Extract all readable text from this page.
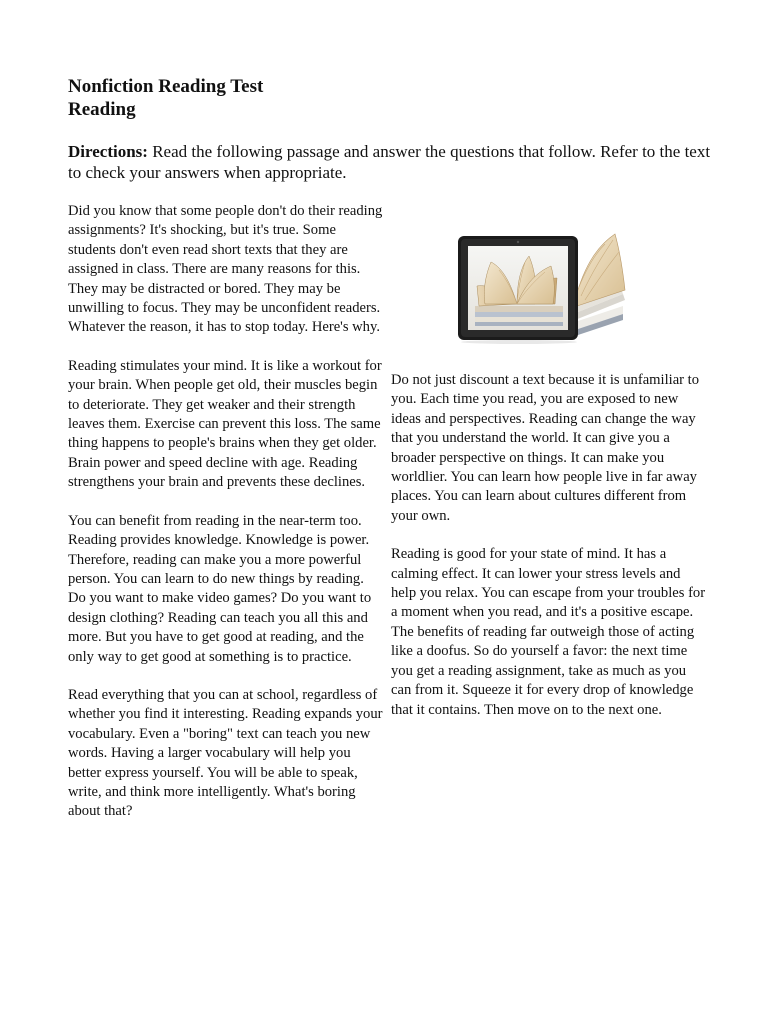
Nonfiction Reading Test
Reading

Directions: Read the following passage and answer the questions that follow. Refer to the text to check your answers when appropriate.

Did you know that some people don't do their reading assignments? It's shocking, but it's true. Some students don't even read short texts that they are assigned in class. There are many reasons for this. They may be distracted or bored. They may be unwilling to focus. They may be unconfident readers. Whatever the reason, it has to stop today. Here's why.

Reading stimulates your mind. It is like a workout for your brain. When people get old, their muscles begin to deteriorate. They get weaker and their strength leaves them. Exercise can prevent this loss. The same thing happens to people's brains when they get older. Brain power and speed decline with age. Reading strengthens your brain and prevents these declines.

You can benefit from reading in the near-term too. Reading provides knowledge. Knowledge is power. Therefore, reading can make you a more powerful person. You can learn to do new things by reading. Do you want to make video games? Do you want to design clothing? Reading can teach you all this and more. But you have to get good at reading, and the only way to get good at something is to practice.

Read everything that you can at school, regardless of whether you find it interesting. Reading expands your vocabulary. Even a "boring" text can teach you new words. Having a larger vocabulary will help you better express yourself. You will be able to speak, write, and think more intelligently. What's boring about that?

Do not just discount a text because it is unfamiliar to you. Each time you read, you are exposed to new ideas and perspectives. Reading can change the way that you understand the world. It can give you a broader perspective on things. It can make you worldlier. You can learn how people live in far away places. You can learn about cultures different from your own.

Reading is good for your state of mind. It has a calming effect. It can lower your stress levels and help you relax. You can escape from your troubles for a moment when you read, and it's a positive escape. The benefits of reading far outweigh those of acting like a doofus. So do yourself a favor: the next time you get a reading assignment, take as much as you can from it. Squeeze it for every drop of knowledge that it contains. Then move on to the next one.
